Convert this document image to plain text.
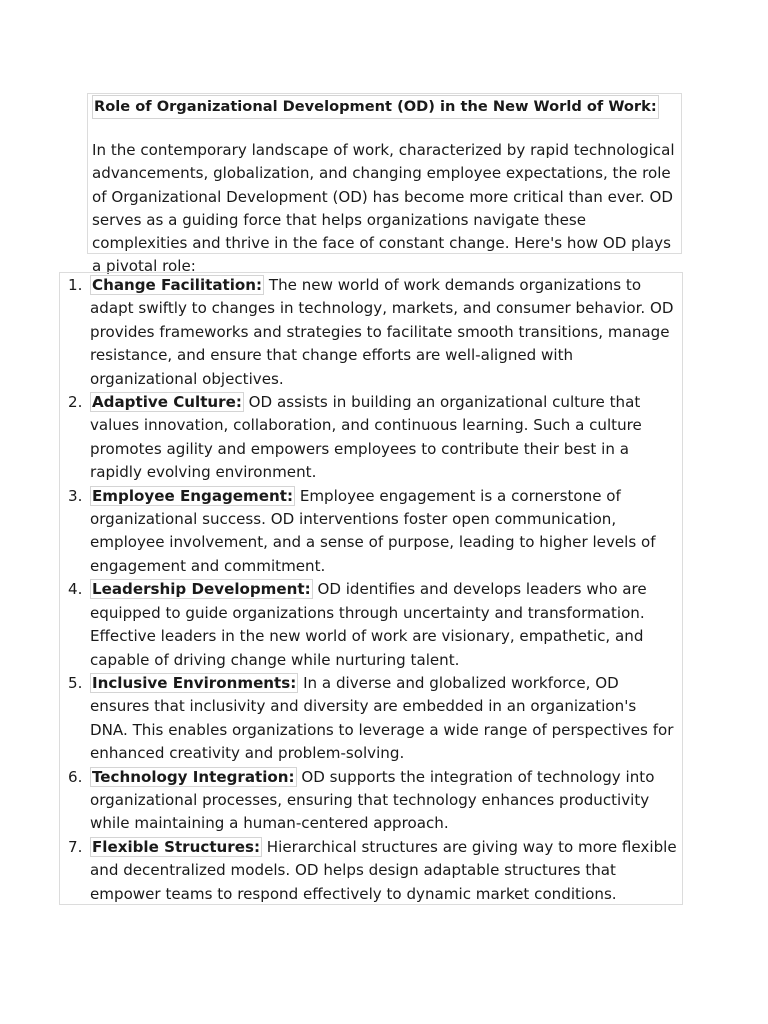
Role of Organizational Development (OD) in the New World of Work:

In the contemporary landscape of work, characterized by rapid technological advancements, globalization, and changing employee expectations, the role of Organizational Development (OD) has become more critical than ever. OD serves as a guiding force that helps organizations navigate these complexities and thrive in the face of constant change. Here's how OD plays a pivotal role:

1. Change Facilitation: The new world of work demands organizations to adapt swiftly to changes in technology, markets, and consumer behavior. OD provides frameworks and strategies to facilitate smooth transitions, manage resistance, and ensure that change efforts are well-aligned with organizational objectives.
2. Adaptive Culture: OD assists in building an organizational culture that values innovation, collaboration, and continuous learning. Such a culture promotes agility and empowers employees to contribute their best in a rapidly evolving environment.
3. Employee Engagement: Employee engagement is a cornerstone of organizational success. OD interventions foster open communication, employee involvement, and a sense of purpose, leading to higher levels of engagement and commitment.
4. Leadership Development: OD identifies and develops leaders who are equipped to guide organizations through uncertainty and transformation. Effective leaders in the new world of work are visionary, empathetic, and capable of driving change while nurturing talent.
5. Inclusive Environments: In a diverse and globalized workforce, OD ensures that inclusivity and diversity are embedded in an organization's DNA. This enables organizations to leverage a wide range of perspectives for enhanced creativity and problem-solving.
6. Technology Integration: OD supports the integration of technology into organizational processes, ensuring that technology enhances productivity while maintaining a human-centered approach.
7. Flexible Structures: Hierarchical structures are giving way to more flexible and decentralized models. OD helps design adaptable structures that empower teams to respond effectively to dynamic market conditions.
